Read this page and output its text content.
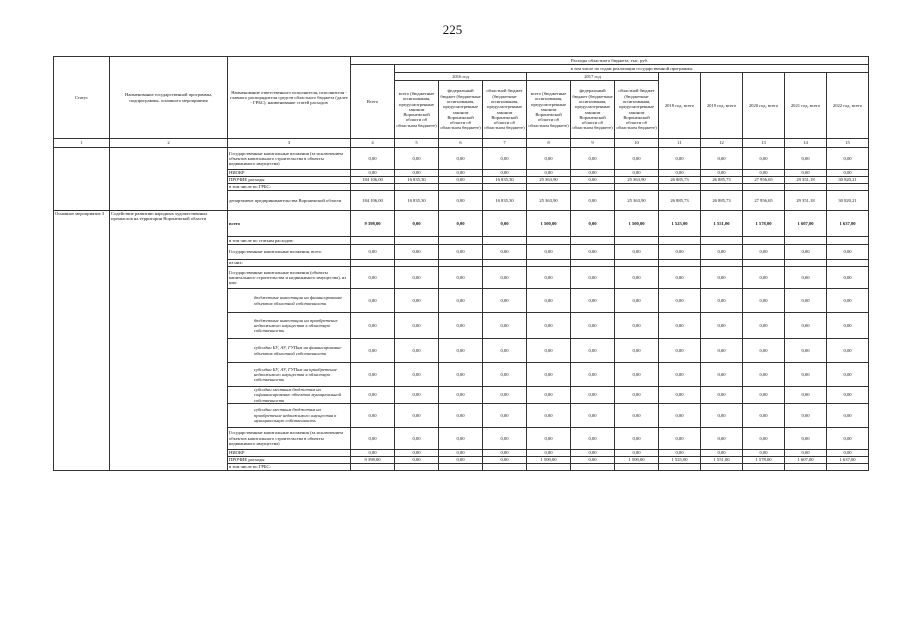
225
Статус	Наименование государственной программы, подпрограммы, основного мероприятия	Наименование ответственного исполнителя, исполнителя - главного распорядителя средств областного бюджета (далее - ГРБС), наименование статей расходов	Расходы областного бюджета, тыс. руб.											
			Всего	в том числе по годам реализации государственной программы										
				2016 год			2017 год			2018 год, всего	2019 год, всего	2020 год, всего	2021 год, всего	2022 год, всего
				всего (бюджетные ассигнования, предусмотренные законом Воронежской области об областном бюджете)	федеральный бюджет (бюджетные ассигнования, предусмотренные законом Воронежской области об областном бюджете)	областной бюджет (бюджетные ассигнования, предусмотренные законом Воронежской области об областном бюджете)	всего (бюджетные ассигнования, предусмотренные законом Воронежской области об областном бюджете)	федеральный бюджет (бюджетные ассигнования, предусмотренные законом Воронежской области об областном бюджете)	областной бюджет (бюджетные ассигнования, предусмотренные законом Воронежской области об областном бюджете)					
1	2	3	4	5	6	7	8	9	10	11	12	13	14	15
		Государственные капитальные вложения (за исключением объектов капитального строительства в объекты недвижимого имущества)	0,00	0,00	0,00	0,00	0,00	0,00	0,00	0,00	0,00	0,00	0,00	0,00
		НИОКР	0,00	0,00	0,00	0,00	0,00	0,00	0,00	0,00	0,00	0,00	0,00	0,00
		ПРОЧИЕ расходы	184 106,00	16 835,30	0,00	16 835,30	25 363,90	0,00	25 363,90	26 885,73	26 885,73	27 956,65	29 351,18	30 820,21
		в том числе по ГРБС:												
		департамент предпринимательства Воронежской области	184 106,00	16 835,30	0,00	16 835,30	25 363,90	0,00	25 363,90	26 885,73	26 885,73	27 956,65	29 351,18	30 820,21
Основное мероприятие 3	Содействие развитию народных художественных промыслов на территории Воронежской области	всего	9 398,00	0,00	0,00	0,00	1 500,00	0,00	1 500,00	1 525,00	1 551,00	1 578,00	1 607,00	1 637,00
		в том числе по статьям расходов:												
		Государственные капитальные вложения, всего	0,00	0,00	0,00	0,00	0,00	0,00	0,00	0,00	0,00	0,00	0,00	0,00
		из них:												
		Государственные капитальные вложения (объекты капитального строительства и недвижимого имущества), из них:	0,00	0,00	0,00	0,00	0,00	0,00	0,00	0,00	0,00	0,00	0,00	0,00
		бюджетные инвестиции на финансирование объектов областной собственности	0,00	0,00	0,00	0,00	0,00	0,00	0,00	0,00	0,00	0,00	0,00	0,00
		бюджетные инвестиции на приобретение недвижимого имущества в областную собственность	0,00	0,00	0,00	0,00	0,00	0,00	0,00	0,00	0,00	0,00	0,00	0,00
		субсидии БУ, АУ, ГУПам на финансирование объектов областной собственности	0,00	0,00	0,00	0,00	0,00	0,00	0,00	0,00	0,00	0,00	0,00	0,00
		субсидии БУ, АУ, ГУПам на приобретение недвижимого имущества в областную собственность	0,00	0,00	0,00	0,00	0,00	0,00	0,00	0,00	0,00	0,00	0,00	0,00
		субсидии местным бюджетам на софинансирование объектов муниципальной собственности	0,00	0,00	0,00	0,00	0,00	0,00	0,00	0,00	0,00	0,00	0,00	0,00
		субсидии местным бюджетам на приобретение недвижимого имущества в муниципальную собственность	0,00	0,00	0,00	0,00	0,00	0,00	0,00	0,00	0,00	0,00	0,00	0,00
		Государственные капитальные вложения (за исключением объектов капитального строительства в объекты недвижимого имущества)	0,00	0,00	0,00	0,00	0,00	0,00	0,00	0,00	0,00	0,00	0,00	0,00
		НИОКР	0,00	0,00	0,00	0,00	0,00	0,00	0,00	0,00	0,00	0,00	0,00	0,00
		ПРОЧИЕ расходы	9 398,00	0,00	0,00	0,00	1 500,00	0,00	1 500,00	1 525,00	1 551,00	1 578,00	1 607,00	1 637,00
		в том числе по ГРБС:												
